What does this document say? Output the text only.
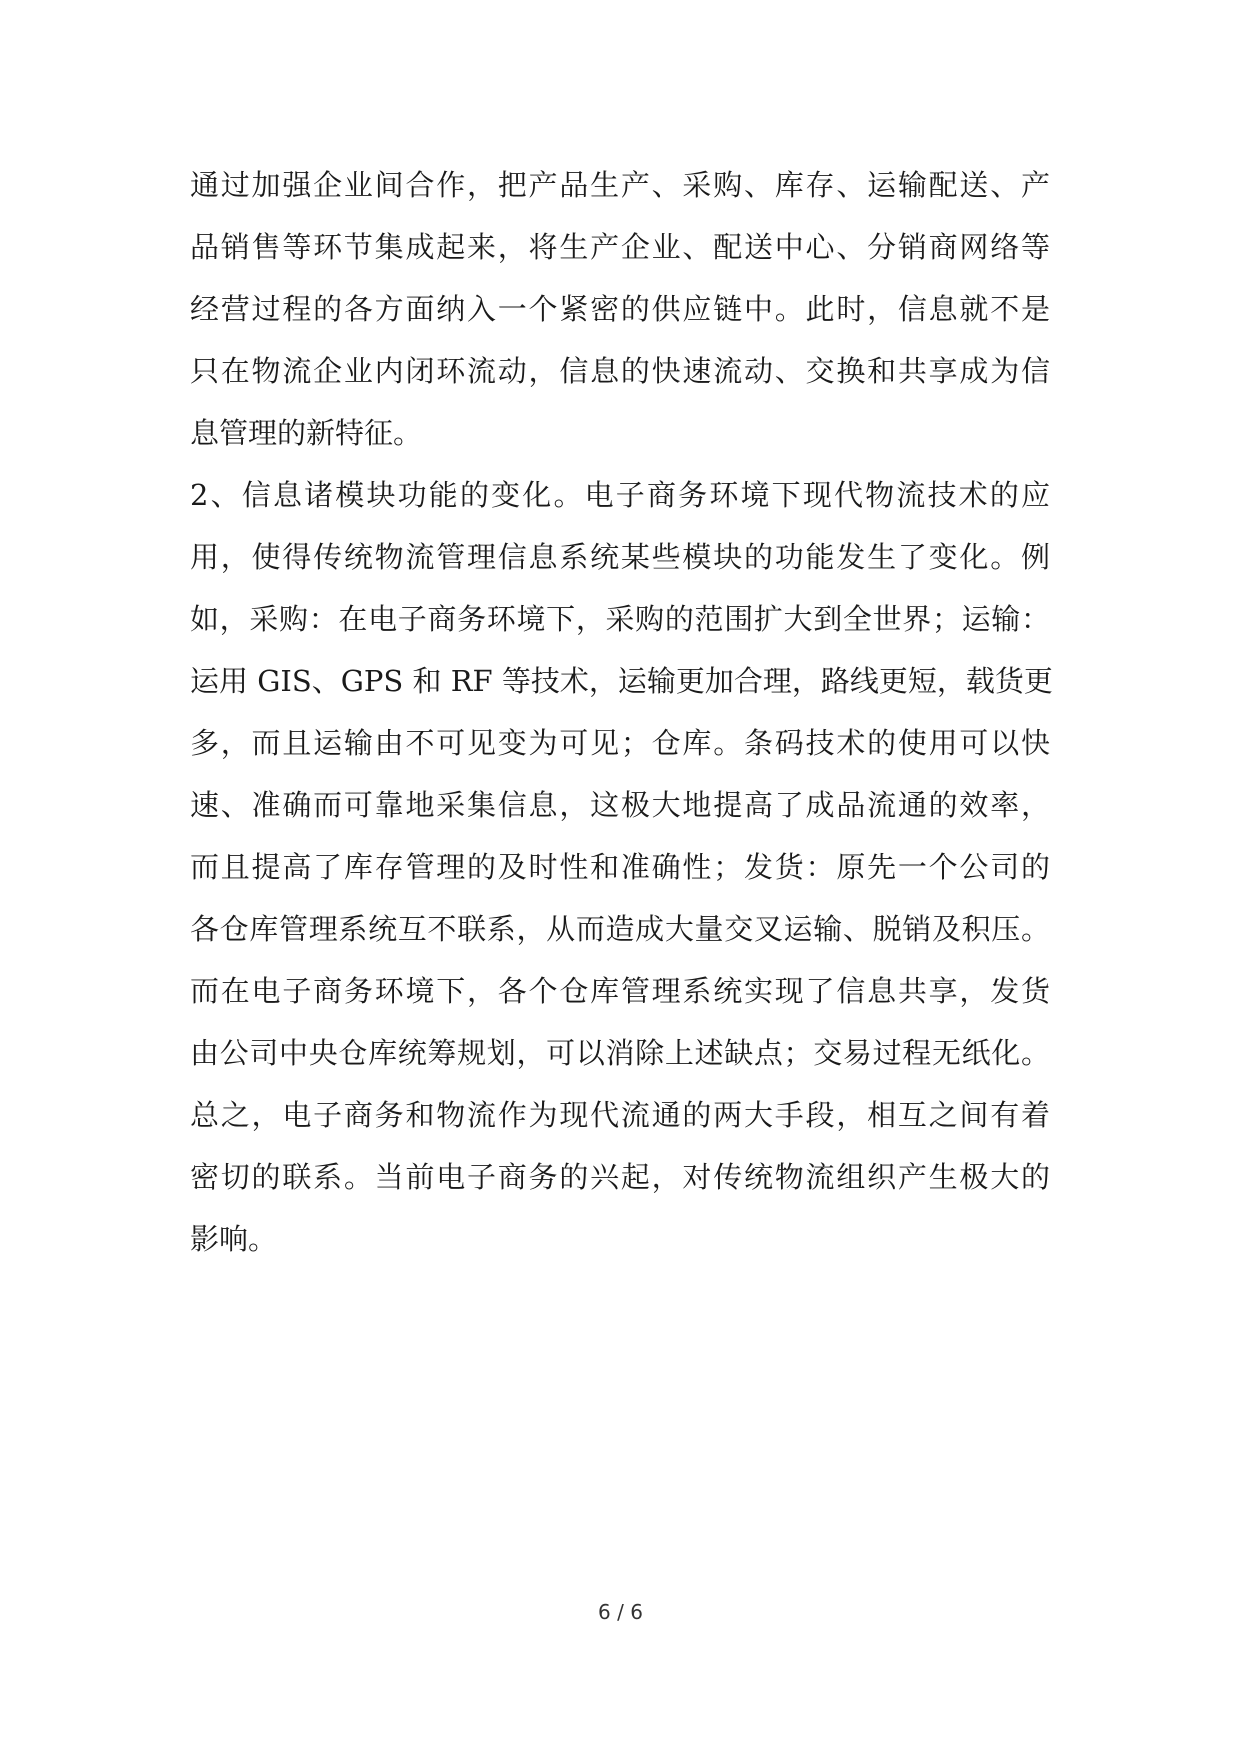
通过加强企业间合作，把产品生产、采购、库存、运输配送、产
品销售等环节集成起来，将生产企业、配送中心、分销商网络等
经营过程的各方面纳入一个紧密的供应链中。此时，信息就不是
只在物流企业内闭环流动，信息的快速流动、交换和共享成为信
息管理的新特征。
2、信息诸模块功能的变化。电子商务环境下现代物流技术的应
用，使得传统物流管理信息系统某些模块的功能发生了变化。例
如，采购：在电子商务环境下，采购的范围扩大到全世界；运输：
运用 GIS、GPS 和 RF 等技术，运输更加合理，路线更短，载货更
多，而且运输由不可见变为可见；仓库。条码技术的使用可以快
速、准确而可靠地采集信息，这极大地提高了成品流通的效率，
而且提高了库存管理的及时性和准确性；发货：原先一个公司的
各仓库管理系统互不联系，从而造成大量交叉运输、脱销及积压。
而在电子商务环境下，各个仓库管理系统实现了信息共享，发货
由公司中央仓库统筹规划，可以消除上述缺点；交易过程无纸化。
总之，电子商务和物流作为现代流通的两大手段，相互之间有着
密切的联系。当前电子商务的兴起，对传统物流组织产生极大的
影响。
6 / 6
